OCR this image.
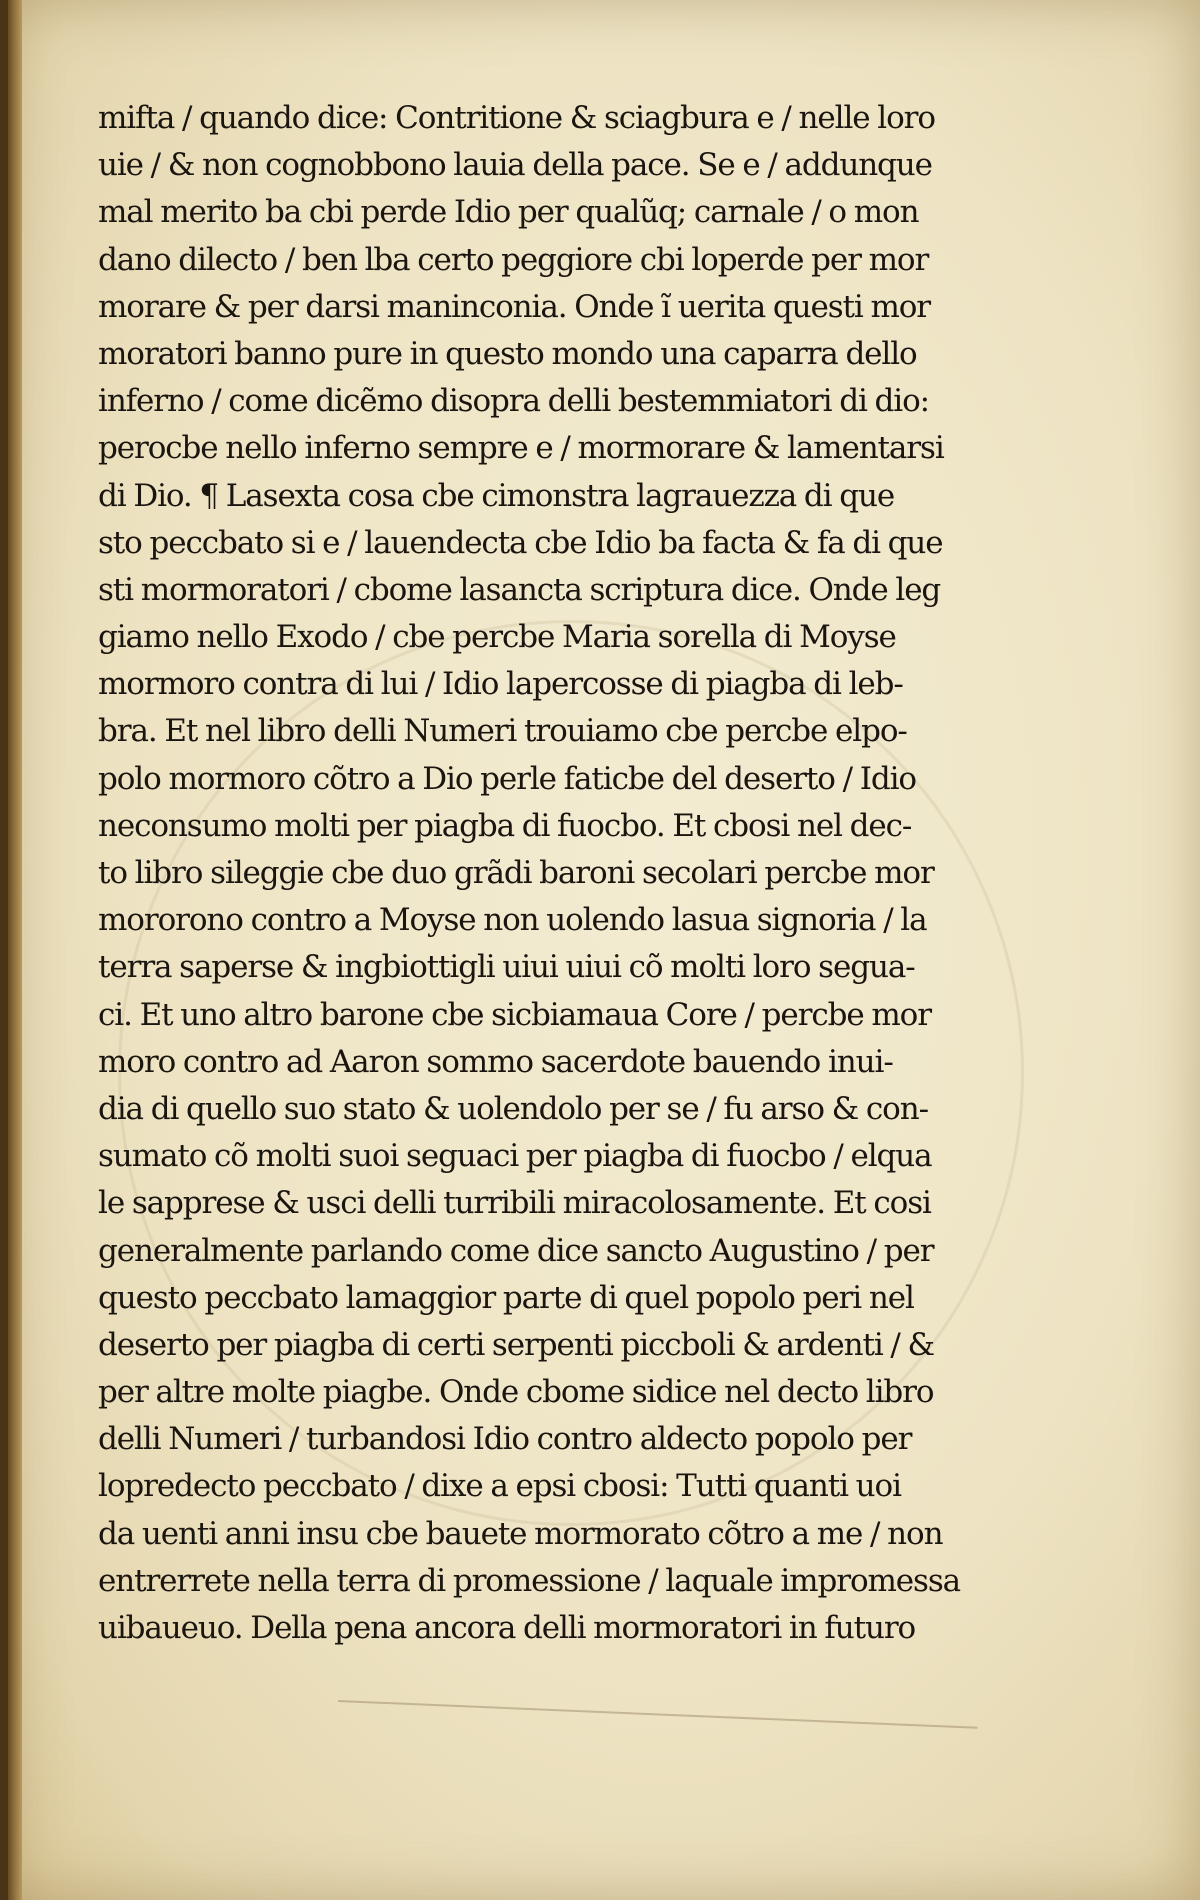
mifta / quando dice: Contritione & sciagbura e / nelle loro
uie / & non cognobbono lauia della pace. Se e / addunque
mal merito ba cbi perde Idio per qualũq; carnale / o mon
dano dilecto / ben lba certo peggiore cbi loperde per mor
morare & per darsi maninconia. Onde ĩ uerita questi mor
moratori banno pure in questo mondo una caparra dello
inferno / come dicẽmo disopra delli bestemmiatori di dio:
perocbe nello inferno sempre e / mormorare & lamentarsi
di Dio. ¶ Lasexta cosa cbe cimonstra lagrauezza di que
sto peccbato si e / lauendecta cbe Idio ba facta & fa di que
sti mormoratori / cbome lasancta scriptura dice. Onde leg
giamo nello Exodo / cbe percbe Maria sorella di Moyse
mormoro contra di lui / Idio lapercosse di piagba di leb-
bra. Et nel libro delli Numeri trouiamo cbe percbe elpo-
polo mormoro cõtro a Dio perle faticbe del deserto / Idio
neconsumo molti per piagba di fuocbo. Et cbosi nel dec-
to libro sileggie cbe duo grãdi baroni secolari percbe mor
mororono contro a Moyse non uolendo lasua signoria / la
terra saperse & ingbiottigli uiui uiui cõ molti loro segua-
ci. Et uno altro barone cbe sicbiamaua Core / percbe mor
moro contro ad Aaron sommo sacerdote bauendo inui-
dia di quello suo stato & uolendolo per se / fu arso & con-
sumato cõ molti suoi seguaci per piagba di fuocbo / elqua
le sapprese & usci delli turribili miracolosamente. Et cosi
generalmente parlando come dice sancto Augustino / per
questo peccbato lamaggior parte di quel popolo peri nel
deserto per piagba di certi serpenti piccboli & ardenti / &
per altre molte piagbe. Onde cbome sidice nel decto libro
delli Numeri / turbandosi Idio contro aldecto popolo per
lopredecto peccbato / dixe a epsi cbosi: Tutti quanti uoi
da uenti anni insu cbe bauete mormorato cõtro a me / non
entrerrete nella terra di promessione / laquale impromessa
uibaueuo. Della pena ancora delli mormoratori in futuro
